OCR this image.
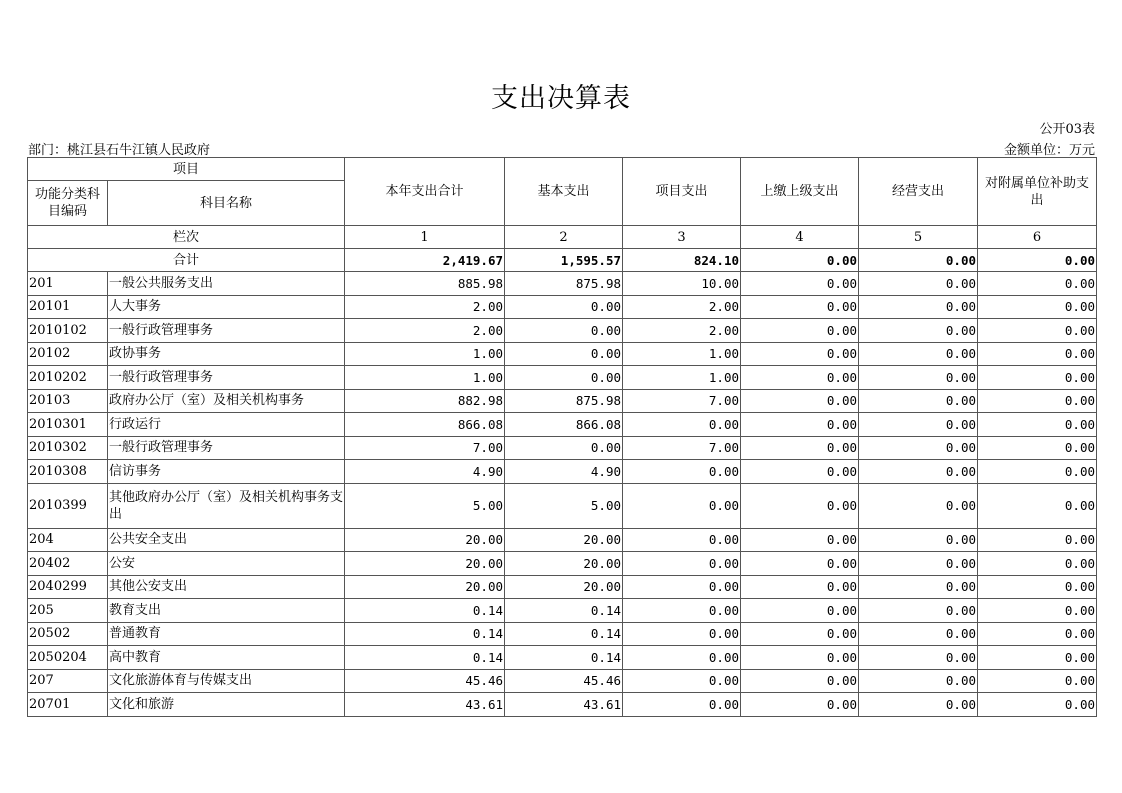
支出决算表
公开03表
部门：桃江县石牛江镇人民政府	金额单位：万元
项目		本年支出合计	基本支出	项目支出	上缴上级支出	经营支出	对附属单位补助支出
功能分类科目编码	科目名称						
栏次		1	2	3	4	5	6
合计		2,419.67	1,595.57	824.10	0.00	0.00	0.00
201	一般公共服务支出	885.98	875.98	10.00	0.00	0.00	0.00
20101	人大事务	2.00	0.00	2.00	0.00	0.00	0.00
2010102	一般行政管理事务	2.00	0.00	2.00	0.00	0.00	0.00
20102	政协事务	1.00	0.00	1.00	0.00	0.00	0.00
2010202	一般行政管理事务	1.00	0.00	1.00	0.00	0.00	0.00
20103	政府办公厅（室）及相关机构事务	882.98	875.98	7.00	0.00	0.00	0.00
2010301	行政运行	866.08	866.08	0.00	0.00	0.00	0.00
2010302	一般行政管理事务	7.00	0.00	7.00	0.00	0.00	0.00
2010308	信访事务	4.90	4.90	0.00	0.00	0.00	0.00
2010399	其他政府办公厅（室）及相关机构事务支出	5.00	5.00	0.00	0.00	0.00	0.00
204	公共安全支出	20.00	20.00	0.00	0.00	0.00	0.00
20402	公安	20.00	20.00	0.00	0.00	0.00	0.00
2040299	其他公安支出	20.00	20.00	0.00	0.00	0.00	0.00
205	教育支出	0.14	0.14	0.00	0.00	0.00	0.00
20502	普通教育	0.14	0.14	0.00	0.00	0.00	0.00
2050204	高中教育	0.14	0.14	0.00	0.00	0.00	0.00
207	文化旅游体育与传媒支出	45.46	45.46	0.00	0.00	0.00	0.00
20701	文化和旅游	43.61	43.61	0.00	0.00	0.00	0.00
